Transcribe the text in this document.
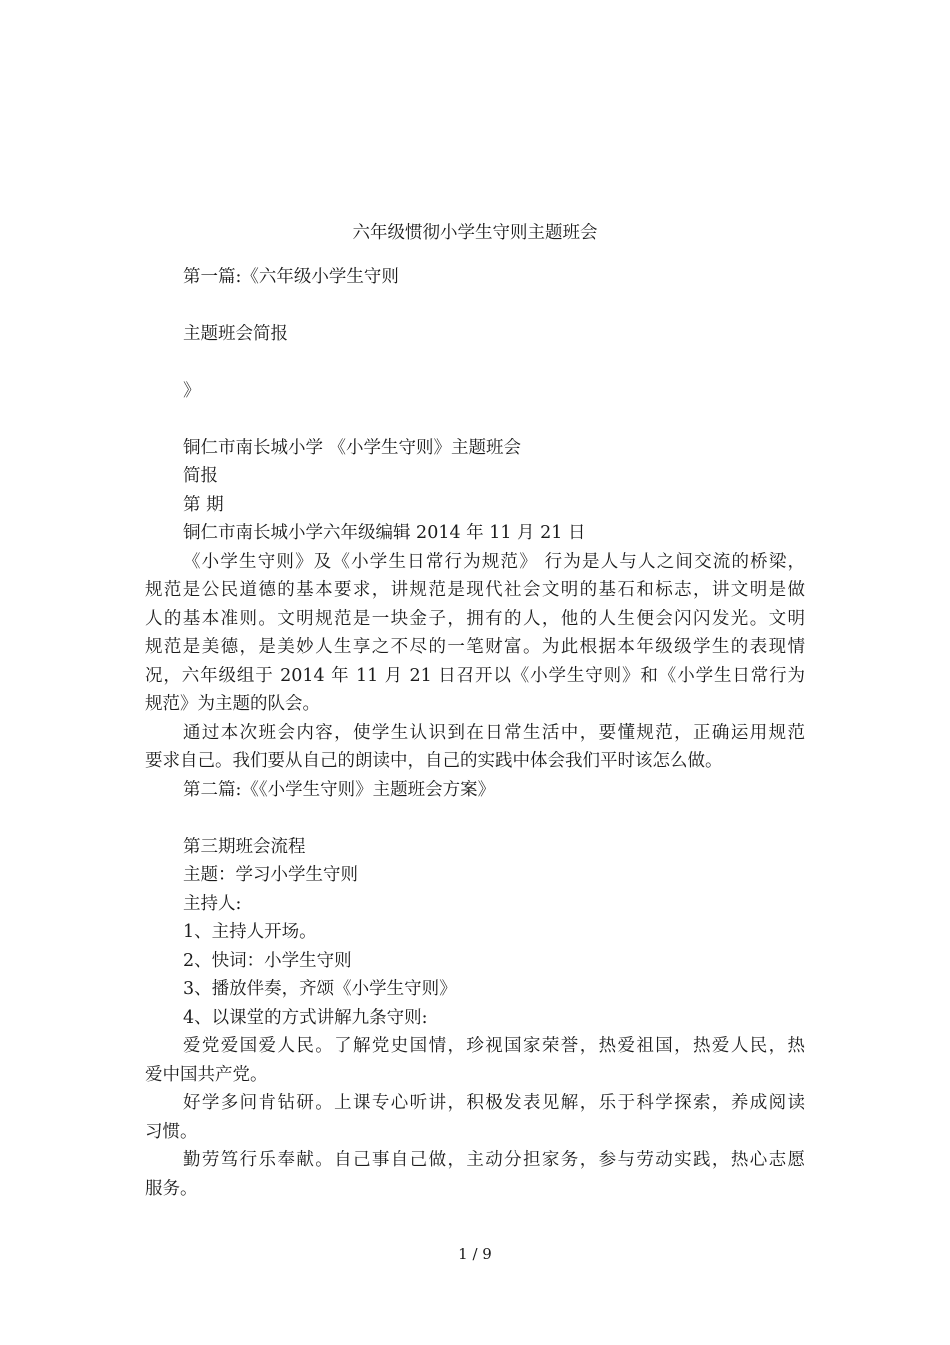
六年级惯彻小学生守则主题班会
第一篇:《六年级小学生守则
主题班会简报
》
铜仁市南长城小学 《小学生守则》主题班会
简报
第 期
铜仁市南长城小学六年级编辑 2014 年 11 月 21 日
《小学生守则》及《小学生日常行为规范》 行为是人与人之间交流的桥梁，
规范是公民道德的基本要求，讲规范是现代社会文明的基石和标志，讲文明是做
人的基本准则。文明规范是一块金子，拥有的人，他的人生便会闪闪发光。文明
规范是美德，是美妙人生享之不尽的一笔财富。为此根据本年级级学生的表现情
况，六年级组于 2014 年 11 月 21 日召开以《小学生守则》和《小学生日常行为
规范》为主题的队会。
通过本次班会内容，使学生认识到在日常生活中，要懂规范，正确运用规范
要求自己。我们要从自己的朗读中，自己的实践中体会我们平时该怎么做。
第二篇:《《小学生守则》主题班会方案》
第三期班会流程
主题：学习小学生守则
主持人:
1、主持人开场。
2、快词：小学生守则
3、播放伴奏，齐颂《小学生守则》
4、以课堂的方式讲解九条守则:
爱党爱国爱人民。了解党史国情，珍视国家荣誉，热爱祖国，热爱人民，热
爱中国共产党。
好学多问肯钻研。上课专心听讲，积极发表见解，乐于科学探索，养成阅读
习惯。
勤劳笃行乐奉献。自己事自己做，主动分担家务，参与劳动实践，热心志愿
服务。
1 / 9
